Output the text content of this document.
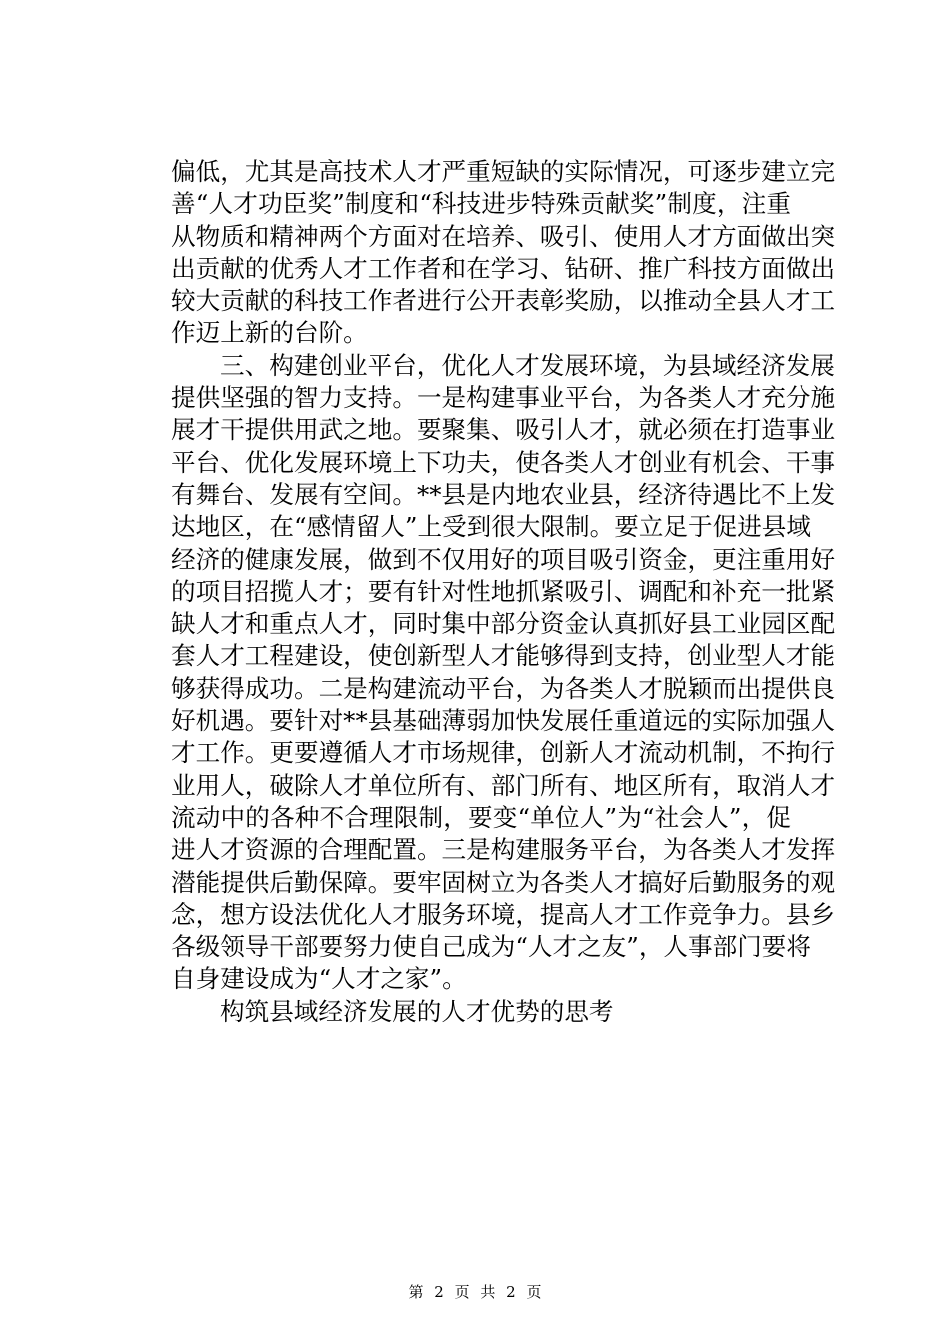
偏低，尤其是高技术人才严重短缺的实际情况，可逐步建立完
善“人才功臣奖”制度和“科技进步特殊贡献奖”制度，注重
从物质和精神两个方面对在培养、吸引、使用人才方面做出突
出贡献的优秀人才工作者和在学习、钻研、推广科技方面做出
较大贡献的科技工作者进行公开表彰奖励，以推动全县人才工
作迈上新的台阶。
三、构建创业平台，优化人才发展环境，为县域经济发展
提供坚强的智力支持。一是构建事业平台，为各类人才充分施
展才干提供用武之地。要聚集、吸引人才，就必须在打造事业
平台、优化发展环境上下功夫，使各类人才创业有机会、干事
有舞台、发展有空间。**县是内地农业县，经济待遇比不上发
达地区，在“感情留人”上受到很大限制。要立足于促进县域
经济的健康发展，做到不仅用好的项目吸引资金，更注重用好
的项目招揽人才；要有针对性地抓紧吸引、调配和补充一批紧
缺人才和重点人才，同时集中部分资金认真抓好县工业园区配
套人才工程建设，使创新型人才能够得到支持，创业型人才能
够获得成功。二是构建流动平台，为各类人才脱颖而出提供良
好机遇。要针对**县基础薄弱加快发展任重道远的实际加强人
才工作。更要遵循人才市场规律，创新人才流动机制，不拘行
业用人，破除人才单位所有、部门所有、地区所有，取消人才
流动中的各种不合理限制，要变“单位人”为“社会人”，促
进人才资源的合理配置。三是构建服务平台，为各类人才发挥
潜能提供后勤保障。要牢固树立为各类人才搞好后勤服务的观
念，想方设法优化人才服务环境，提高人才工作竞争力。县乡
各级领导干部要努力使自己成为“人才之友”，人事部门要将
自身建设成为“人才之家”。
构筑县域经济发展的人才优势的思考
第 2 页 共 2 页
